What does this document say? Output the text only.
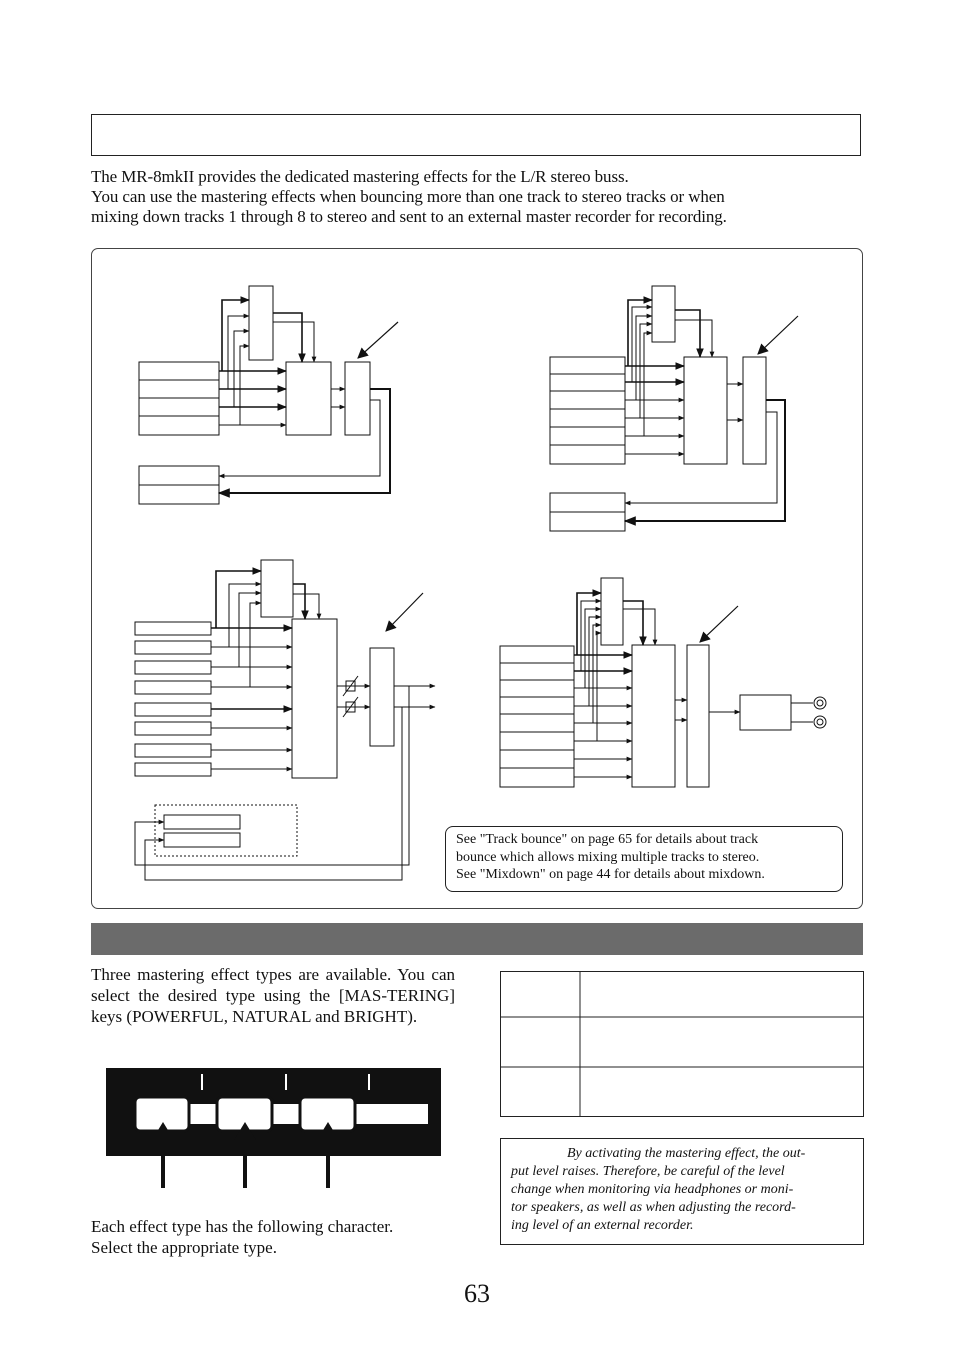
The MR-8mkII provides the dedicated mastering effects for the L/R stereo buss.

You can use the mastering effects when bouncing more than one track to stereo tracks or when

mixing down tracks 1 through 8 to stereo and sent to an external master recorder for recording.

See "Track bounce" on page 65 for details about track
bounce which allows mixing multiple tracks to stereo.
See "Mixdown" on page 44 for details about mixdown.

Three mastering effect types are available. You can select the desired type using the [MAS-TERING] keys (POWERFUL, NATURAL and BRIGHT).

Each effect type has the following character.
Select the appropriate type.
By activating the mastering effect, the out-
put level raises. Therefore, be careful of the level
change when monitoring via headphones or moni-
tor speakers, as well as when adjusting the record-
ing level of an external recorder.
63
